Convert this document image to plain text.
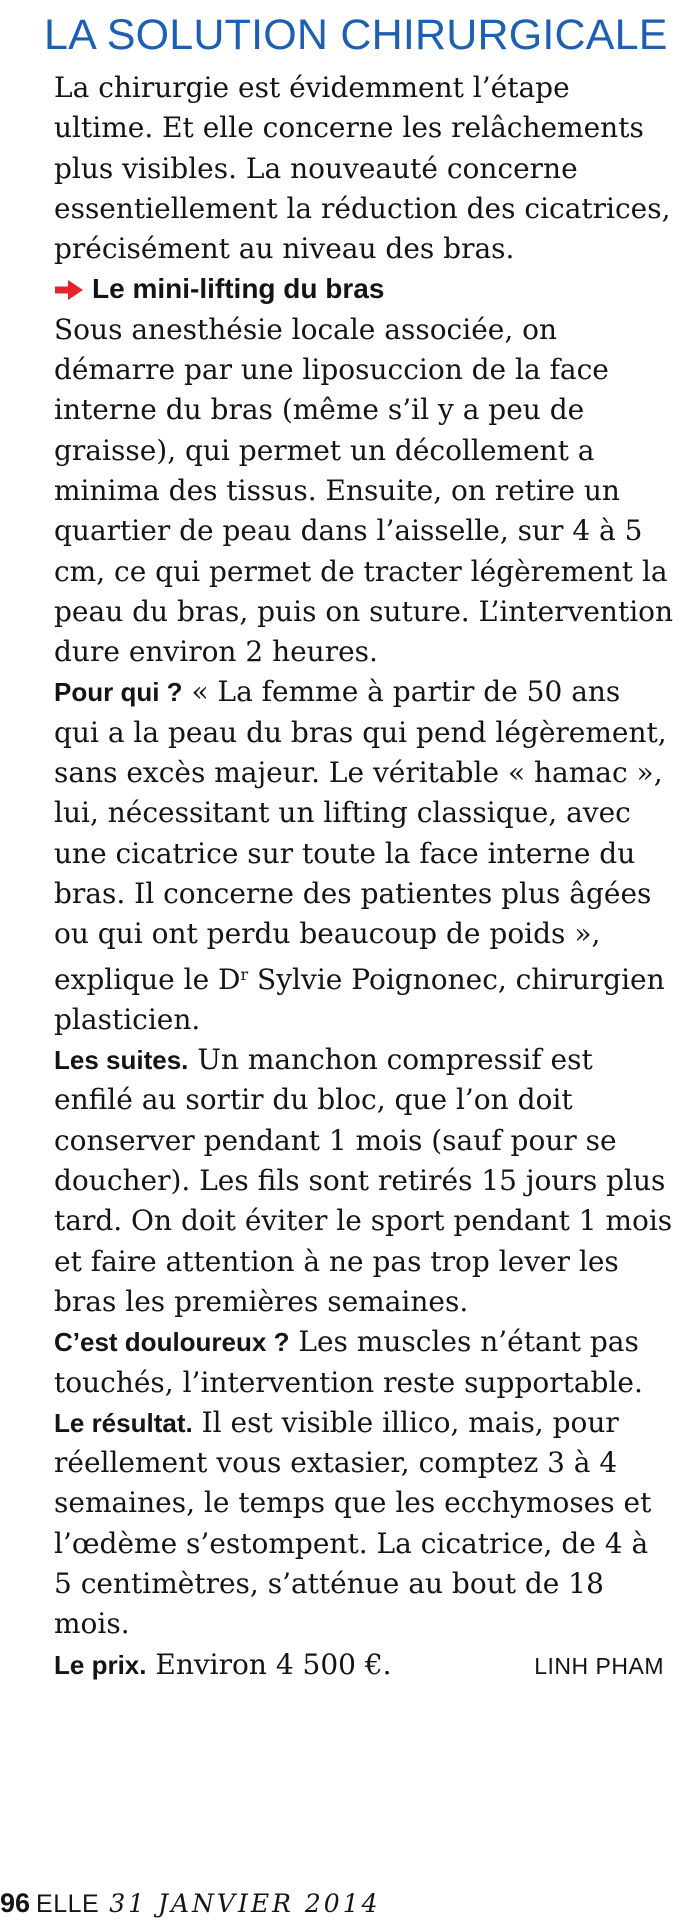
LA SOLUTION CHIRURGICALE

La chirurgie est évidemment l’étape ultime. Et elle concerne les relâchements plus visibles. La nouveauté concerne essentiellement la réduction des cicatrices, précisément au niveau des bras.

Le mini-lifting du bras

Sous anesthésie locale associée, on démarre par une liposuccion de la face interne du bras (même s’il y a peu de graisse), qui permet un décollement a minima des tissus. Ensuite, on retire un quartier de peau dans l’aisselle, sur 4 à 5 cm, ce qui permet de tracter légèrement la peau du bras, puis on suture. L’intervention dure environ 2 heures.

Pour qui ? « La femme à partir de 50 ans qui a la peau du bras qui pend légèrement, sans excès majeur. Le véritable « hamac », lui, nécessitant un lifting classique, avec une cicatrice sur toute la face interne du bras. Il concerne des patientes plus âgées ou qui ont perdu beaucoup de poids », explique le $D^r$ Sylvie Poignonec, chirurgien plasticien.

Les suites. Un manchon compressif est enfilé au sortir du bloc, que l’on doit conserver pendant 1 mois (sauf pour se doucher). Les fils sont retirés 15 jours plus tard. On doit éviter le sport pendant 1 mois et faire attention à ne pas trop lever les bras les premières semaines.

C’est douloureux ? Les muscles n’étant pas touchés, l’intervention reste supportable.

Le résultat. Il est visible illico, mais, pour réellement vous extasier, comptez 3 à 4 semaines, le temps que les ecchymoses et l’œdème s’estompent. La cicatrice, de 4 à 5 centimètres, s’atténue au bout de 18 mois.

Le prix. Environ 4 500 €.	LINH PHAM
96 ELLE 31 JANVIER 2014
